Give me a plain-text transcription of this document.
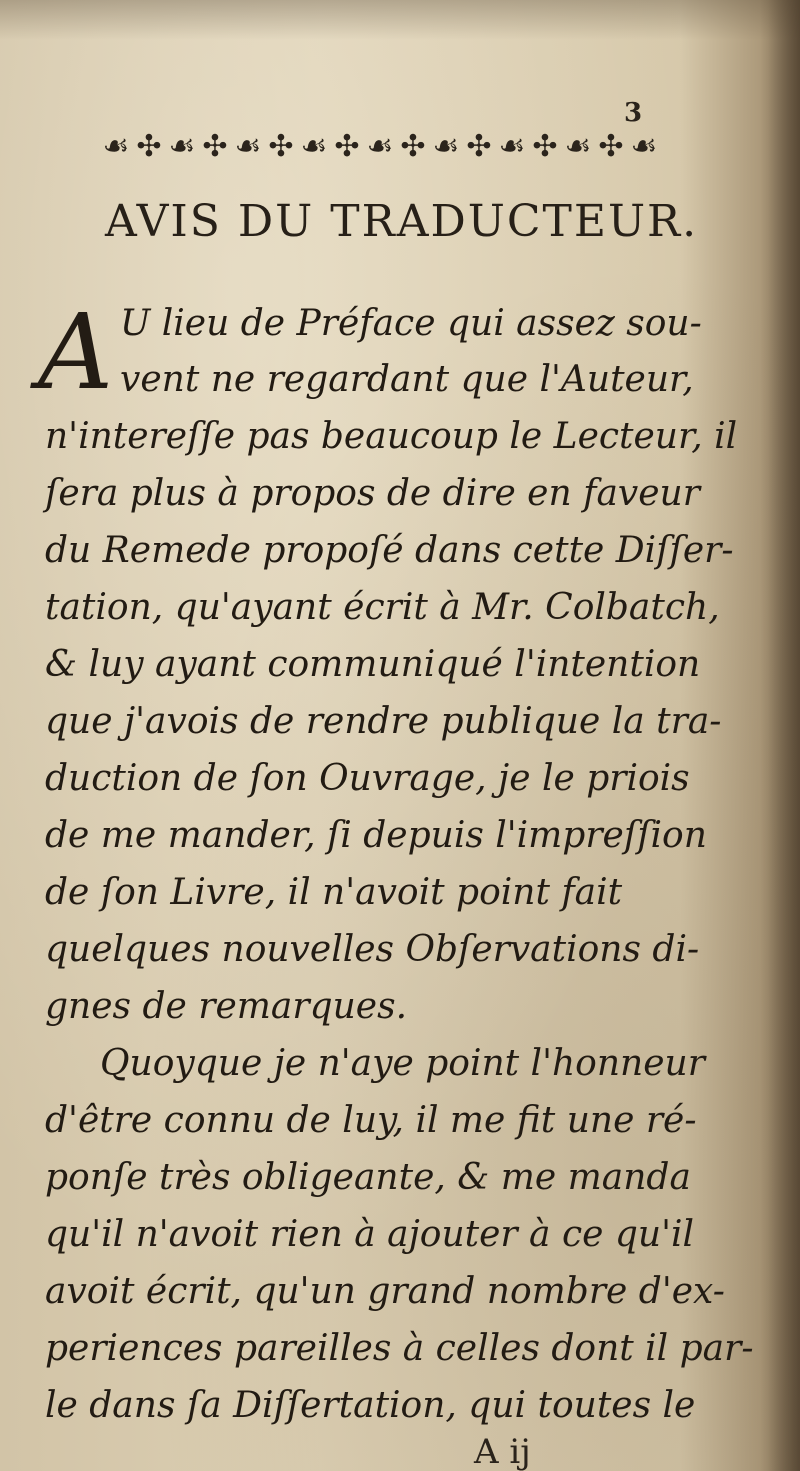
3
☙ ✣ ☙ ✣ ☙ ✣ ☙ ✣ ☙ ✣ ☙ ✣ ☙ ✣ ☙ ✣ ☙
AVIS DU TRADUCTEUR.
A U lieu de Préface qui assez sou-
vent ne regardant que l'Auteur,
n'intereſſe pas beaucoup le Lecteur, il
ſera plus à propos de dire en faveur
du Remede propoſé dans cette Diſſer-
tation, qu'ayant écrit à Mr. Colbatch,
& luy ayant communiqué l'intention
que j'avois de rendre publique la tra-
duction de ſon Ouvrage, je le priois
de me mander, ſi depuis l'impreſſion
de ſon Livre, il n'avoit point fait
quelques nouvelles Obſervations di-
gnes de remarques.
Quoyque je n'aye point l'honneur
d'être connu de luy, il me fit une ré-
ponſe très obligeante, & me manda
qu'il n'avoit rien à ajouter à ce qu'il
avoit écrit, qu'un grand nombre d'ex-
periences pareilles à celles dont il par-
le dans ſa Diſſertation, qui toutes le
A ij
